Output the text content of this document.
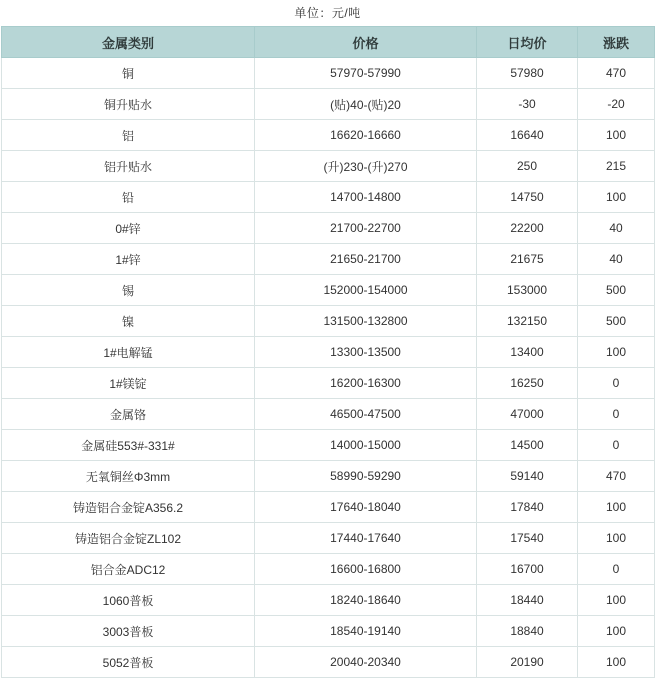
单位：元/吨
金属类别	价格	日均价	涨跌
铜	57970-57990	57980	470
铜升贴水	(贴)40-(贴)20	-30	-20
铝	16620-16660	16640	100
铝升贴水	(升)230-(升)270	250	215
铅	14700-14800	14750	100
0#锌	21700-22700	22200	40
1#锌	21650-21700	21675	40
锡	152000-154000	153000	500
镍	131500-132800	132150	500
1#电解锰	13300-13500	13400	100
1#镁锭	16200-16300	16250	0
金属铬	46500-47500	47000	0
金属硅553#-331#	14000-15000	14500	0
无氧铜丝Φ3mm	58990-59290	59140	470
铸造铝合金锭A356.2	17640-18040	17840	100
铸造铝合金锭ZL102	17440-17640	17540	100
铝合金ADC12	16600-16800	16700	0
1060普板	18240-18640	18440	100
3003普板	18540-19140	18840	100
5052普板	20040-20340	20190	100
